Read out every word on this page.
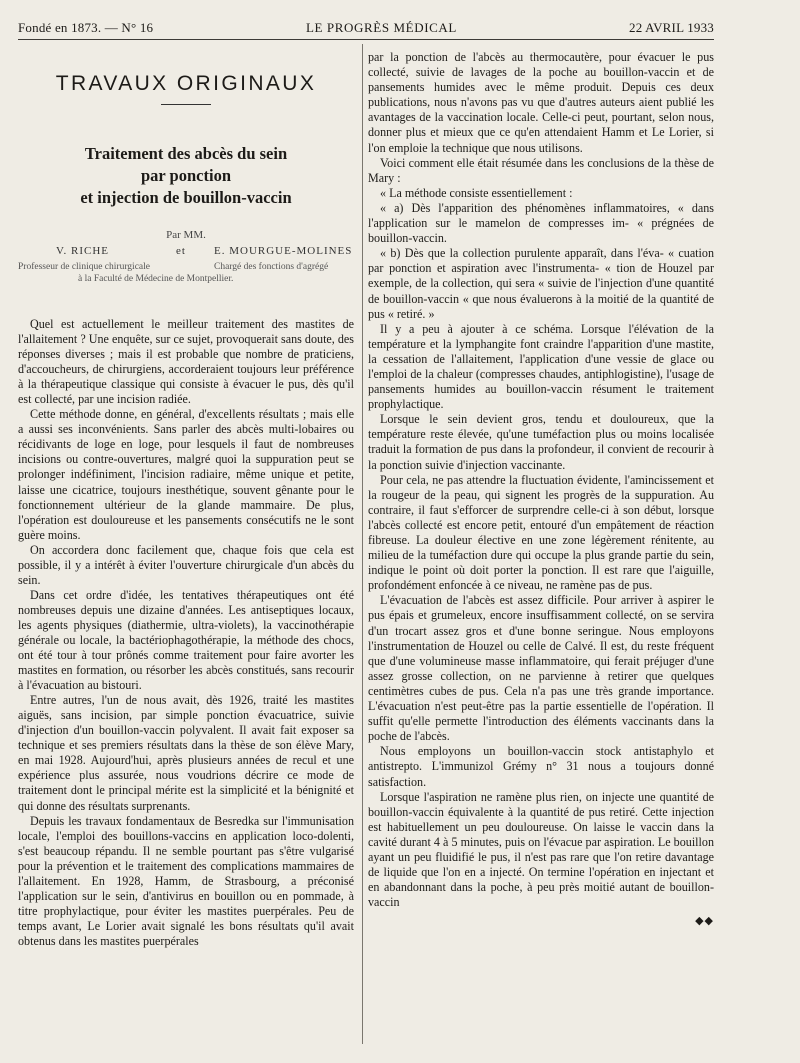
Fondé en 1873. — N° 16	LE PROGRÈS MÉDICAL	22 AVRIL 1933
TRAVAUX ORIGINAUX
Traitement des abcès du sein
par ponction
et injection de bouillon-vaccin
Par MM.
V. RICHE	et	E. MOURGUE-MOLINES
Professeur de clinique chirurgicale	Chargé des fonctions d'agrégé
à la Faculté de Médecine de Montpellier.

Quel est actuellement le meilleur traitement des mastites de l'allaitement ? Une enquête, sur ce sujet, provoquerait sans doute, des réponses diverses ; mais il est probable que nombre de praticiens, d'accoucheurs, de chirurgiens, accorderaient toujours leur préférence à la thérapeutique classique qui consiste à évacuer le pus, dès qu'il est collecté, par une incision radiée.

Cette méthode donne, en général, d'excellents résultats ; mais elle a aussi ses inconvénients. Sans parler des abcès multi-lobaires ou récidivants de loge en loge, pour lesquels il faut de nombreuses incisions ou contre-ouvertures, malgré quoi la suppuration peut se prolonger indéfiniment, l'incision radiaire, même unique et petite, laisse une cicatrice, toujours inesthétique, souvent gênante pour le fonctionnement ultérieur de la glande mammaire. De plus, l'opération est douloureuse et les pansements consécutifs ne le sont guère moins.

On accordera donc facilement que, chaque fois que cela est possible, il y a intérêt à éviter l'ouverture chirurgicale d'un abcès du sein.

Dans cet ordre d'idée, les tentatives thérapeutiques ont été nombreuses depuis une dizaine d'années. Les antiseptiques locaux, les agents physiques (diathermie, ultra-violets), la vaccinothérapie générale ou locale, la bactériophagothérapie, la méthode des chocs, ont été tour à tour prônés comme traitement pour faire avorter les mastites en formation, ou résorber les abcès constitués, sans recourir à l'évacuation au bistouri.

Entre autres, l'un de nous avait, dès 1926, traité les mastites aiguës, sans incision, par simple ponction évacuatrice, suivie d'injection d'un bouillon-vaccin polyvalent. Il avait fait exposer sa technique et ses premiers résultats dans la thèse de son élève Mary, en mai 1928. Aujourd'hui, après plusieurs années de recul et une expérience plus assurée, nous voudrions décrire ce mode de traitement dont le principal mérite est la simplicité et la bénignité et qui donne des résultats surprenants.

Depuis les travaux fondamentaux de Besredka sur l'immunisation locale, l'emploi des bouillons-vaccins en application loco-dolenti, s'est beaucoup répandu. Il ne semble pourtant pas s'être vulgarisé pour la prévention et le traitement des complications mammaires de l'allaitement. En 1928, Hamm, de Strasbourg, a préconisé l'application sur le sein, d'antivirus en bouillon ou en pommade, à titre prophylactique, pour éviter les mastites puerpérales. Peu de temps avant, Le Lorier avait signalé les bons résultats qu'il avait obtenus dans les mastites puerpérales

par la ponction de l'abcès au thermocautère, pour évacuer le pus collecté, suivie de lavages de la poche au bouillon-vaccin et de pansements humides avec le même produit. Depuis ces deux publications, nous n'avons pas vu que d'autres auteurs aient publié les avantages de la vaccination locale. Celle-ci peut, pourtant, selon nous, donner plus et mieux que ce qu'en attendaient Hamm et Le Lorier, si l'on emploie la technique que nous utilisons.

Voici comment elle était résumée dans les conclusions de la thèse de Mary :

« La méthode consiste essentiellement :

« a) Dès l'apparition des phénomènes inflammatoires, « dans l'application sur le mamelon de compresses im- « prégnées de bouillon-vaccin.

« b) Dès que la collection purulente apparaît, dans l'éva- « cuation par ponction et aspiration avec l'instrumenta- « tion de Houzel par exemple, de la collection, qui sera « suivie de l'injection d'une quantité de bouillon-vaccin « que nous évaluerons à la moitié de la quantité de pus « retiré. »

Il y a peu à ajouter à ce schéma. Lorsque l'élévation de la température et la lymphangite font craindre l'apparition d'une mastite, la cessation de l'allaitement, l'application d'une vessie de glace ou l'emploi de la chaleur (compresses chaudes, antiphlogistine), l'usage de pansements humides au bouillon-vaccin résument le traitement prophylactique.

Lorsque le sein devient gros, tendu et douloureux, que la température reste élevée, qu'une tuméfaction plus ou moins localisée traduit la formation de pus dans la profondeur, il convient de recourir à la ponction suivie d'injection vaccinante.

Pour cela, ne pas attendre la fluctuation évidente, l'amincissement et la rougeur de la peau, qui signent les progrès de la suppuration. Au contraire, il faut s'efforcer de surprendre celle-ci à son début, lorsque l'abcès collecté est encore petit, entouré d'un empâtement de réaction fibreuse. La douleur élective en une zone légèrement rénitente, au milieu de la tuméfaction dure qui occupe la plus grande partie du sein, indique le point où doit porter la ponction. Il est rare que l'aiguille, profondément enfoncée à ce niveau, ne ramène pas de pus.

L'évacuation de l'abcès est assez difficile. Pour arriver à aspirer le pus épais et grumeleux, encore insuffisamment collecté, on se servira d'un trocart assez gros et d'une bonne seringue. Nous employons l'instrumentation de Houzel ou celle de Calvé. Il est, du reste fréquent que d'une volumineuse masse inflammatoire, qui ferait préjuger d'une assez grosse collection, on ne parvienne à retirer que quelques centimètres cubes de pus. Cela n'a pas une très grande importance. L'évacuation n'est peut-être pas la partie essentielle de l'opération. Il suffit qu'elle permette l'introduction des éléments vaccinants dans la poche de l'abcès.

Nous employons un bouillon-vaccin stock antistaphylo et antistrepto. L'immunizol Grémy n° 31 nous a toujours donné satisfaction.

Lorsque l'aspiration ne ramène plus rien, on injecte une quantité de bouillon-vaccin équivalente à la quantité de pus retiré. Cette injection est habituellement un peu douloureuse. On laisse le vaccin dans la cavité durant 4 à 5 minutes, puis on l'évacue par aspiration. Le bouillon ayant un peu fluidifié le pus, il n'est pas rare que l'on retire davantage de liquide que l'on en a injecté. On termine l'opération en injectant et en abandonnant dans la poche, à peu près moitié autant de bouillon-vaccin

◆◆
